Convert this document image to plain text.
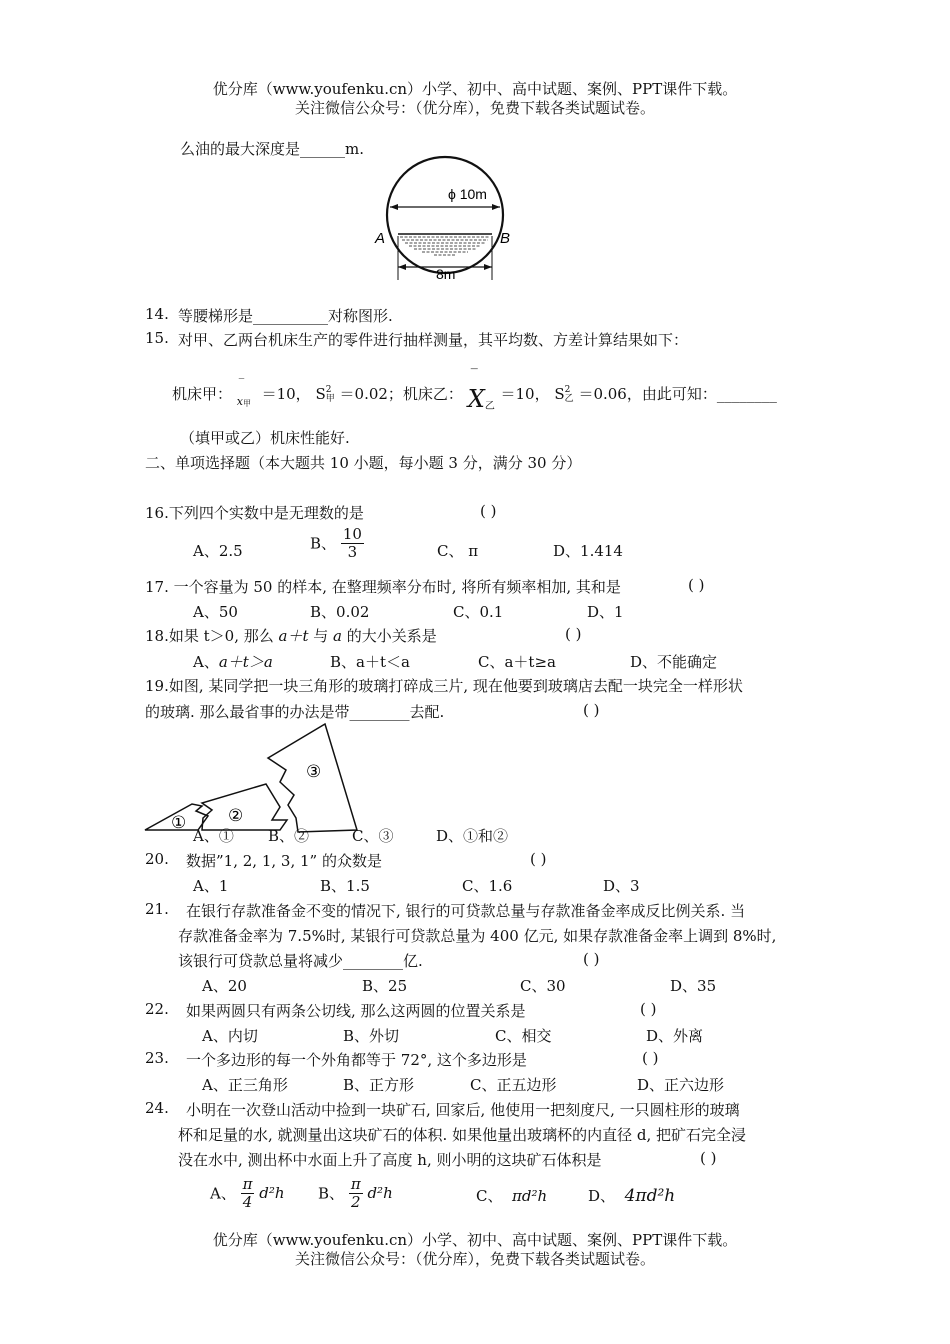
优分库（www.youfenku.cn）小学、初中、高中试题、案例、PPT课件下载。
关注微信公众号：（优分库），免费下载各类试题试卷。
么油的最大深度是______m.
ϕ 10m
A	B
8m
14. 等腰梯形是__________对称图形.
15. 对甲、乙两台机床生产的零件进行抽样测量，其平均数、方差计算结果如下：
机床甲：
‾
$_{x甲}$ ＝10， S 2
甲 ＝0.02；机床乙：
‾
$X_乙 =10$， S 2
乙 ＝0.06，由此可知：________
（填甲或乙）机床性能好.
二、单项选择题（本大题共 10 小题，每小题 3 分，满分 30 分）
16.下列四个实数中是无理数的是	( )
A、2.5	B、 $\frac{10}{3}$	C、 π	D、1.414
17. 一个容量为 50 的样本, 在整理频率分布时, 将所有频率相加, 其和是	( )
A、50	B、0.02	C、0.1	D、1
18.如果 t＞0, 那么 a＋t 与 a 的大小关系是	( )
A、a＋t＞a	B、a＋t＜a	C、a＋t≥a	D、不能确定
19.如图, 某同学把一块三角形的玻璃打碎成三片, 现在他要到玻璃店去配一块完全一样形状
的玻璃. 那么最省事的办法是带________去配.	( )
① ②
③
A、① B、②	C、③	D、①和②
20. 数据”1, 2, 1, 3, 1” 的众数是	( )
A、1	B、1.5	C、1.6	D、3
21. 在银行存款准备金不变的情况下, 银行的可贷款总量与存款准备金率成反比例关系. 当
存款准备金率为 7.5%时, 某银行可贷款总量为 400 亿元, 如果存款准备金率上调到 8%时,
该银行可贷款总量将减少________亿.	( )
A、20	B、25	C、30	D、35
22. 如果两圆只有两条公切线, 那么这两圆的位置关系是	( )
A、内切	B、外切	C、相交	D、外离
23. 一个多边形的每一个外角都等于 72°, 这个多边形是	( )
A、正三角形	B、正方形	C、正五边形	D、正六边形
24. 小明在一次登山活动中捡到一块矿石, 回家后, 他使用一把刻度尺, 一只圆柱形的玻璃
杯和足量的水, 就测量出这块矿石的体积. 如果他量出玻璃杯的内直径 d, 把矿石完全浸
没在水中, 测出杯中水面上升了高度 h, 则小明的这块矿石体积是	( )
A、 $\frac{\pi}{4} d^2h$ B、 $\frac{\pi}{2} d^2h$	C、 πd²h	D、 4πd²h
优分库（www.youfenku.cn）小学、初中、高中试题、案例、PPT课件下载。
关注微信公众号：（优分库），免费下载各类试题试卷。
